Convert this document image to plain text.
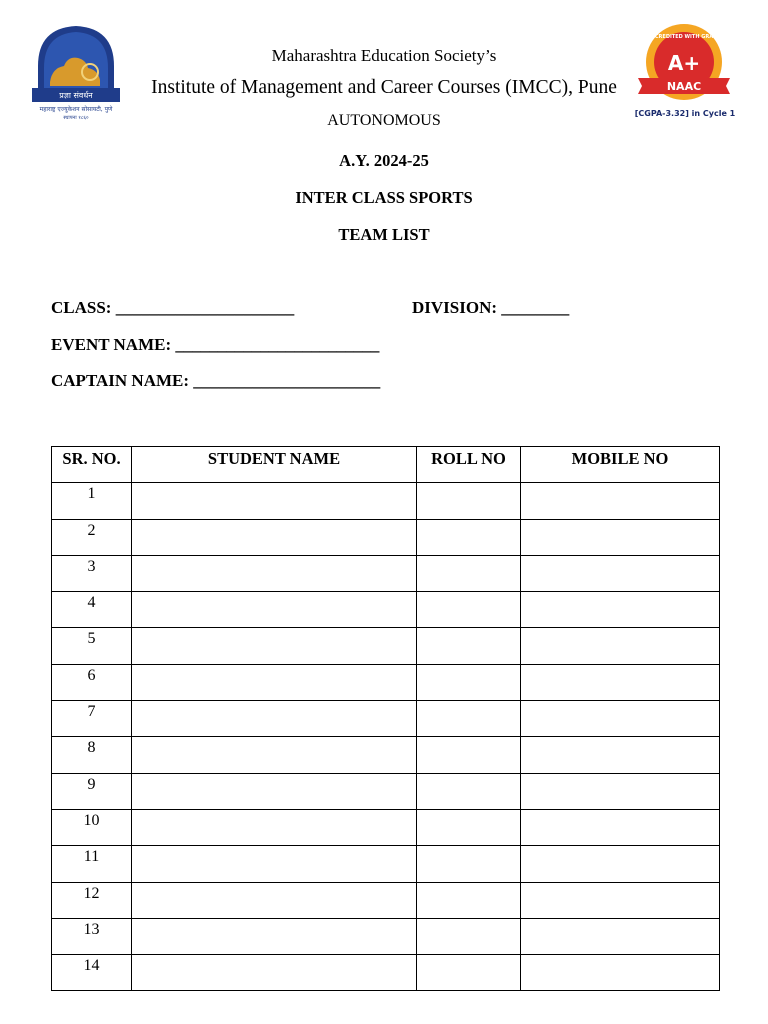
प्रज्ञा संवर्धन
महाराष्ट्र एज्युकेशन सोसायटी, पुणे
स्थापना १८६०
ACCREDITED WITH GRADE
A+
NAAC
[CGPA-3.32] in Cycle 1
Maharashtra Education Society’s
Institute of Management and Career Courses (IMCC), Pune
AUTONOMOUS
A.Y. 2024-25
INTER CLASS SPORTS
TEAM LIST
CLASS: _____________________	DIVISION: ________
EVENT NAME: ________________________
CAPTAIN NAME: ______________________
SR. NO.	STUDENT NAME	ROLL NO	MOBILE NO
1			
2			
3			
4			
5			
6			
7			
8			
9			
10			
11			
12			
13			
14			
